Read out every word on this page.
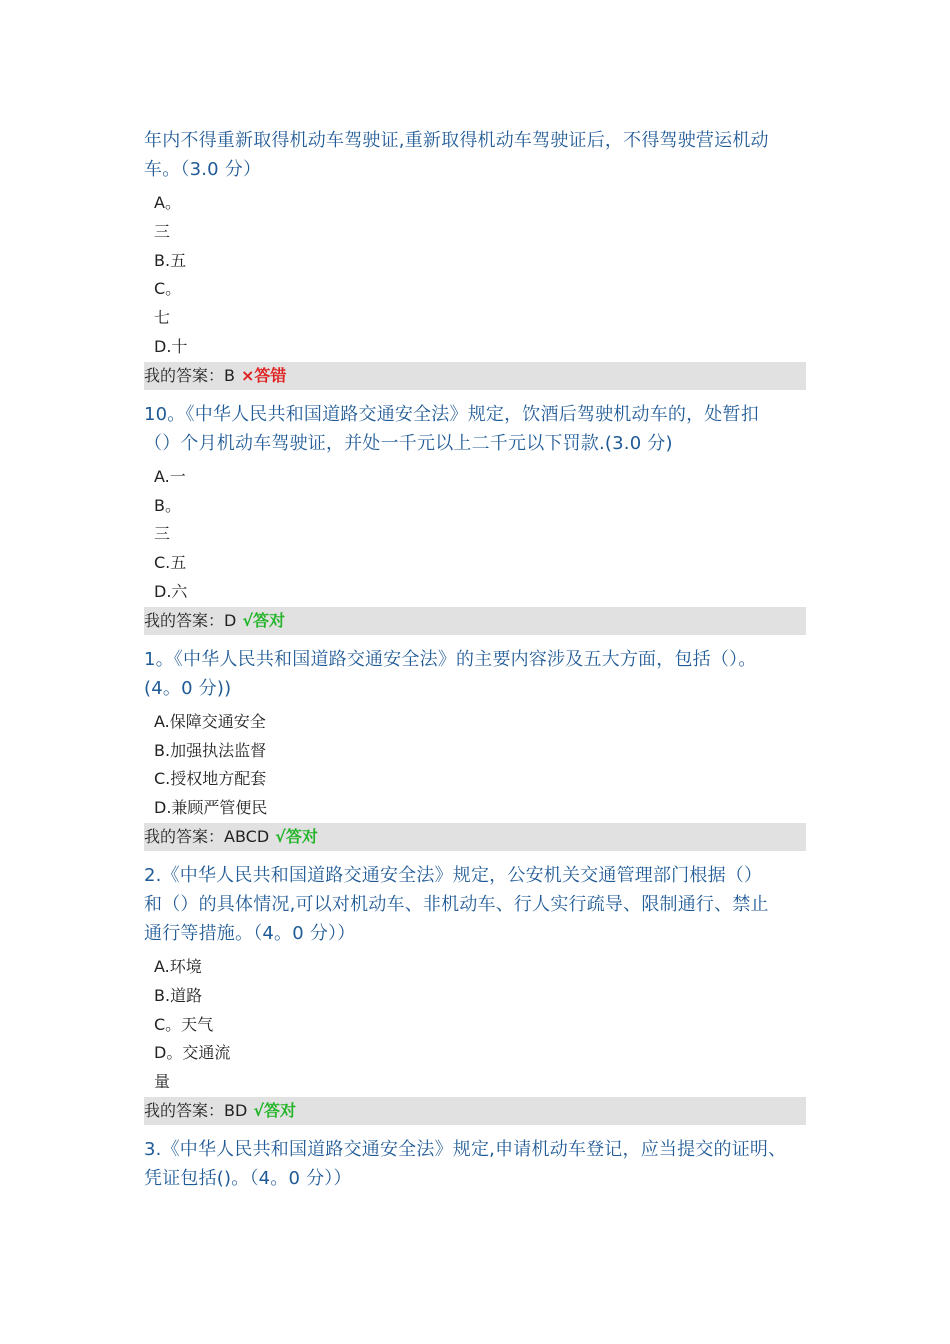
年内不得重新取得机动车驾驶证,重新取得机动车驾驶证后，不得驾驶营运机动
车。（3.0 分）

A。
三
B.五
C。
七
D.十
我的答案：B ×答错

10。《中华人民共和国道路交通安全法》规定，饮酒后驾驶机动车的，处暂扣
（）个月机动车驾驶证，并处一千元以上二千元以下罚款.(3.0 分)

A.一
B。
三
C.五
D.六
我的答案：D √答对

1。《中华人民共和国道路交通安全法》的主要内容涉及五大方面，包括（）。
(4。0 分))

A.保障交通安全
B.加强执法监督
C.授权地方配套
D.兼顾严管便民
我的答案：ABCD √答对

2.《中华人民共和国道路交通安全法》规定，公安机关交通管理部门根据（）
和（）的具体情况,可以对机动车、非机动车、行人实行疏导、限制通行、禁止
通行等措施。（4。0 分））

A.环境
B.道路
C。天气
D。交通流
量
我的答案：BD √答对

3.《中华人民共和国道路交通安全法》规定,申请机动车登记，应当提交的证明、
凭证包括()。（4。0 分））
